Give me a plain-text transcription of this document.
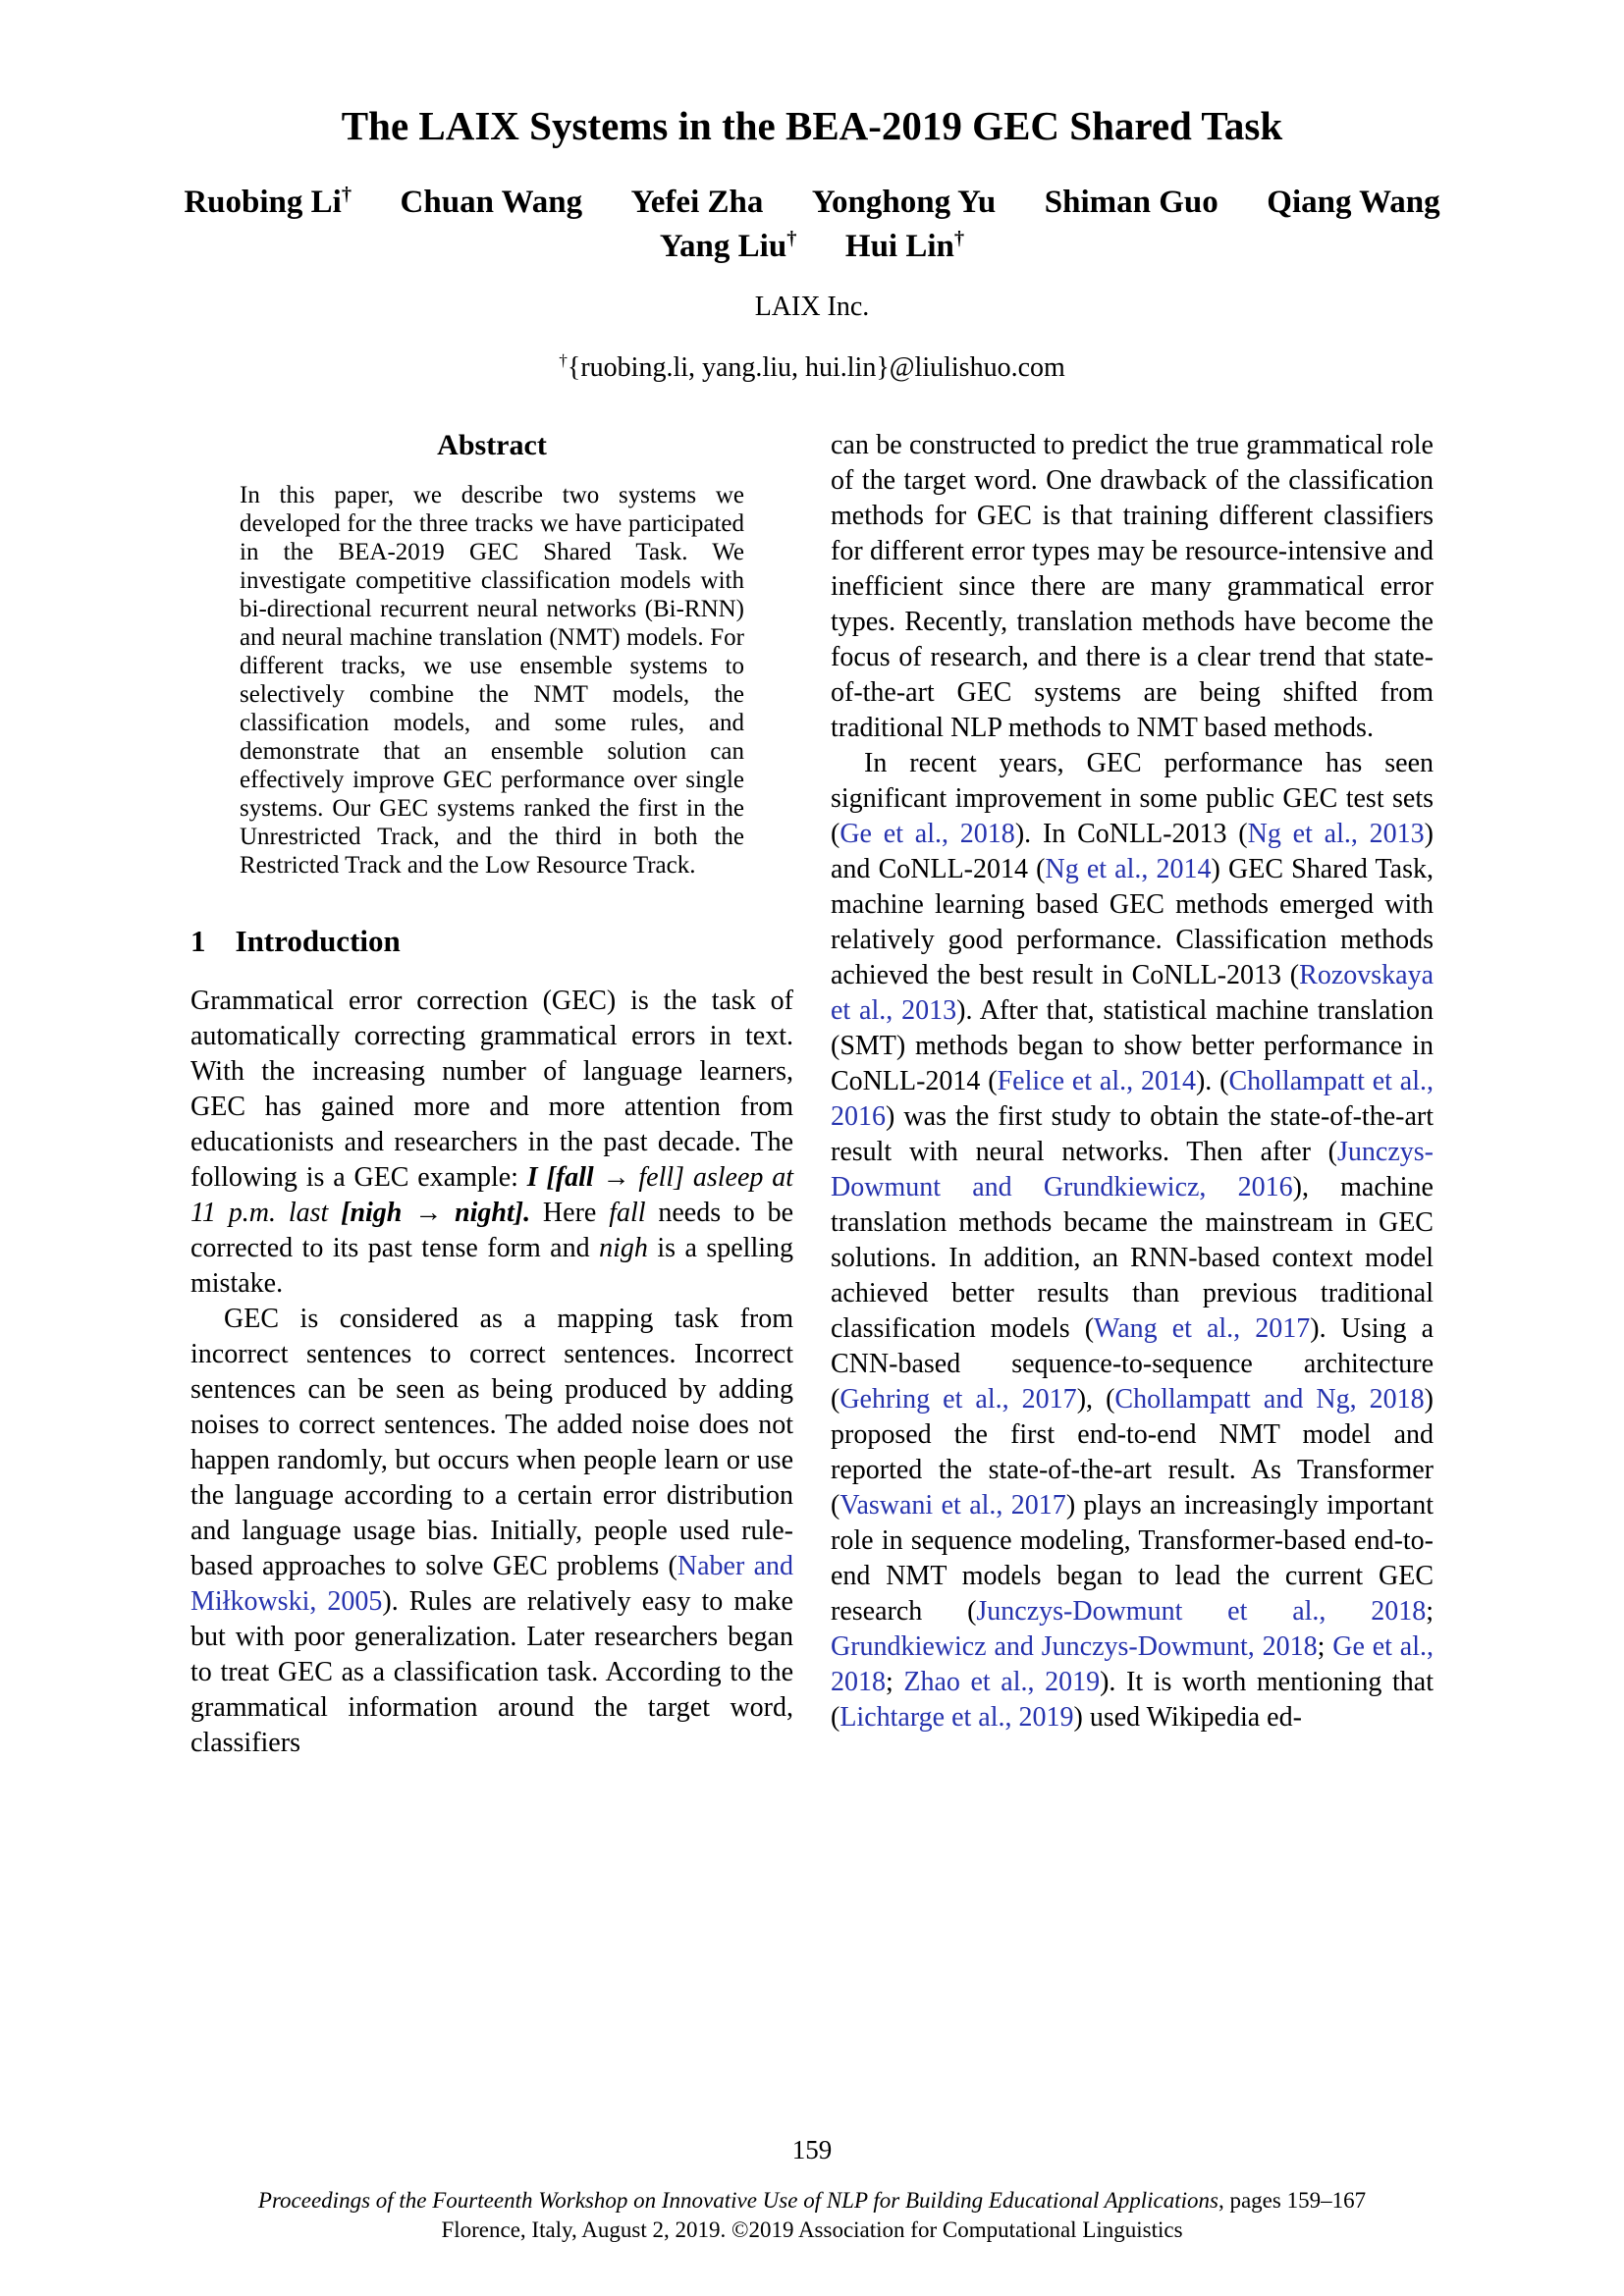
The LAIX Systems in the BEA-2019 GEC Shared Task
Ruobing Li†   Chuan Wang   Yefei Zha   Yonghong Yu   Shiman Guo   Qiang Wang
Yang Liu†   Hui Lin†
LAIX Inc.
†{ruobing.li, yang.liu, hui.lin}@liulishuo.com
Abstract

In this paper, we describe two systems we developed for the three tracks we have participated in the BEA-2019 GEC Shared Task. We investigate competitive classification models with bi-directional recurrent neural networks (Bi-RNN) and neural machine translation (NMT) models. For different tracks, we use ensemble systems to selectively combine the NMT models, the classification models, and some rules, and demonstrate that an ensemble solution can effectively improve GEC performance over single systems. Our GEC systems ranked the first in the Unrestricted Track, and the third in both the Restricted Track and the Low Resource Track.

1 Introduction

Grammatical error correction (GEC) is the task of automatically correcting grammatical errors in text. With the increasing number of language learners, GEC has gained more and more attention from educationists and researchers in the past decade. The following is a GEC example: I [fall → fell] asleep at 11 p.m. last [nigh → night]. Here fall needs to be corrected to its past tense form and nigh is a spelling mistake.

GEC is considered as a mapping task from incorrect sentences to correct sentences. Incorrect sentences can be seen as being produced by adding noises to correct sentences. The added noise does not happen randomly, but occurs when people learn or use the language according to a certain error distribution and language usage bias. Initially, people used rule-based approaches to solve GEC problems (Naber and Miłkowski, 2005). Rules are relatively easy to make but with poor generalization. Later researchers began to treat GEC as a classification task. According to the grammatical information around the target word, classifiers

can be constructed to predict the true grammatical role of the target word. One drawback of the classification methods for GEC is that training different classifiers for different error types may be resource-intensive and inefficient since there are many grammatical error types. Recently, translation methods have become the focus of research, and there is a clear trend that state-of-the-art GEC systems are being shifted from traditional NLP methods to NMT based methods.

In recent years, GEC performance has seen significant improvement in some public GEC test sets (Ge et al., 2018). In CoNLL-2013 (Ng et al., 2013) and CoNLL-2014 (Ng et al., 2014) GEC Shared Task, machine learning based GEC methods emerged with relatively good performance. Classification methods achieved the best result in CoNLL-2013 (Rozovskaya et al., 2013). After that, statistical machine translation (SMT) methods began to show better performance in CoNLL-2014 (Felice et al., 2014). (Chollampatt et al., 2016) was the first study to obtain the state-of-the-art result with neural networks. Then after (Junczys-Dowmunt and Grundkiewicz, 2016), machine translation methods became the mainstream in GEC solutions. In addition, an RNN-based context model achieved better results than previous traditional classification models (Wang et al., 2017). Using a CNN-based sequence-to-sequence architecture (Gehring et al., 2017), (Chollampatt and Ng, 2018) proposed the first end-to-end NMT model and reported the state-of-the-art result. As Transformer (Vaswani et al., 2017) plays an increasingly important role in sequence modeling, Transformer-based end-to-end NMT models began to lead the current GEC research (Junczys-Dowmunt et al., 2018; Grundkiewicz and Junczys-Dowmunt, 2018; Ge et al., 2018; Zhao et al., 2019). It is worth mentioning that (Lichtarge et al., 2019) used Wikipedia ed-

159
Proceedings of the Fourteenth Workshop on Innovative Use of NLP for Building Educational Applications, pages 159–167
Florence, Italy, August 2, 2019. ©2019 Association for Computational Linguistics
